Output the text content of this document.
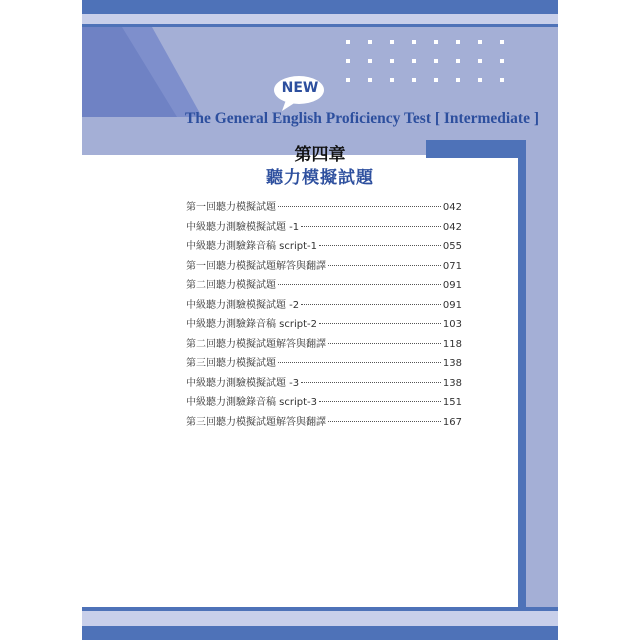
NEW
The General English Proficiency Test [ Intermediate ]
第四章
聽力模擬試題
第一回聽力模擬試題	042
中級聽力測驗模擬試題 -1	042
中級聽力測驗錄音稿 script-1	055
第一回聽力模擬試題解答與翻譯	071
第二回聽力模擬試題	091
中級聽力測驗模擬試題 -2	091
中級聽力測驗錄音稿 script-2	103
第二回聽力模擬試題解答與翻譯	118
第三回聽力模擬試題	138
中級聽力測驗模擬試題 -3	138
中級聽力測驗錄音稿 script-3	151
第三回聽力模擬試題解答與翻譯	167
